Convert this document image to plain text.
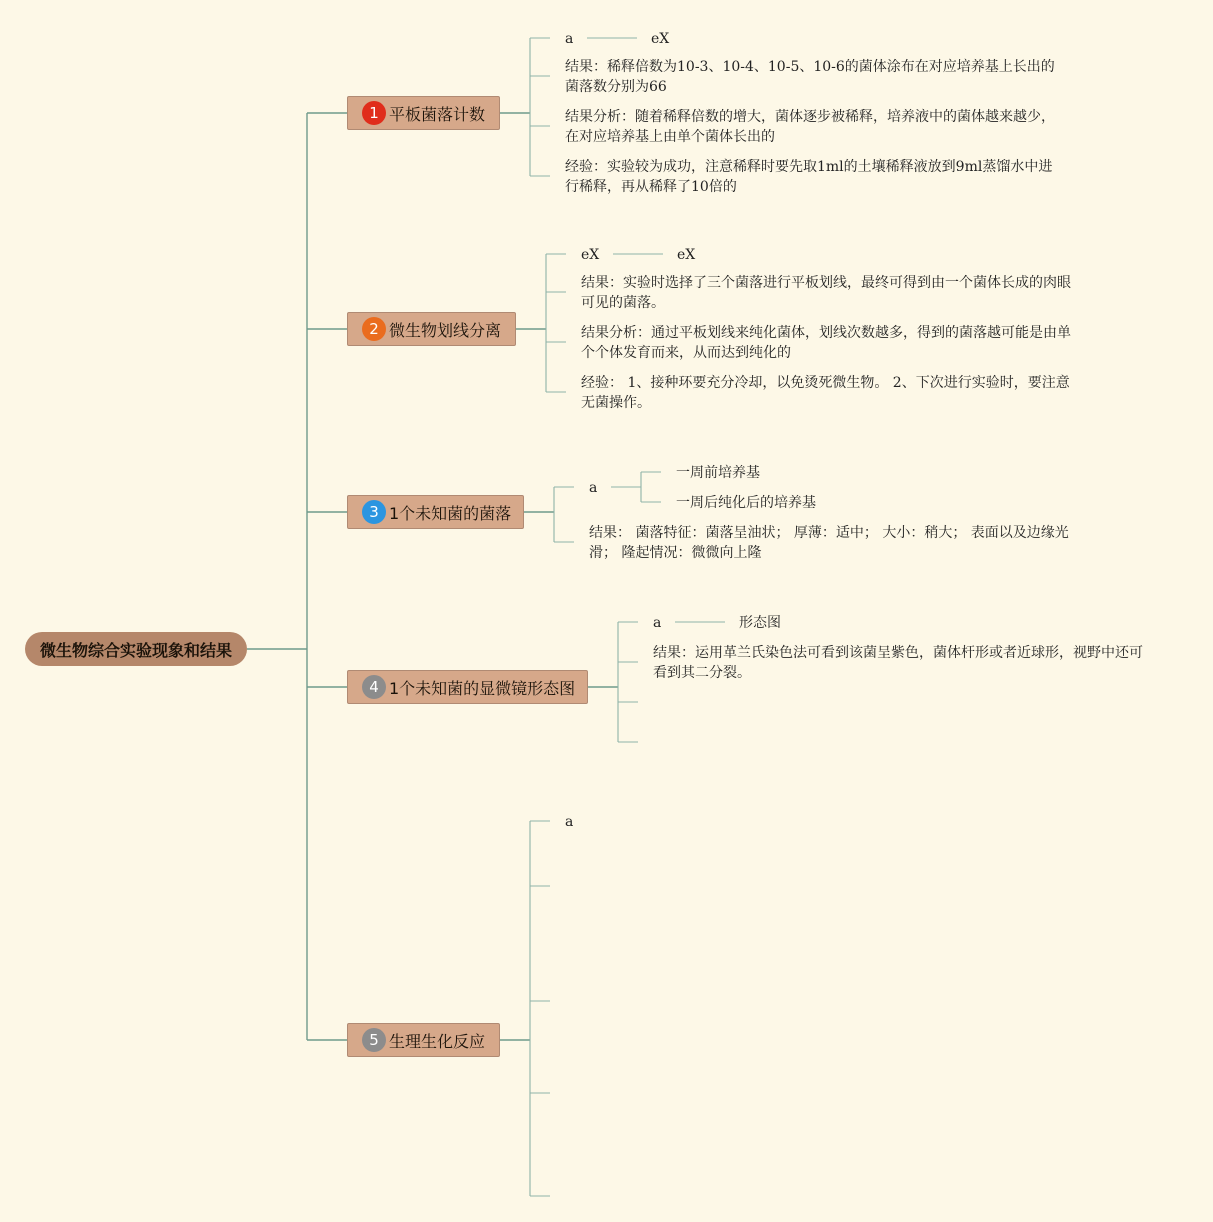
微生物综合实验现象和结果
1 平板菌落计数
a	eX
结果：稀释倍数为10-3、10-4、10-5、10-6的菌体涂布在对应培养基上长出的菌落数分别为66
结果分析：随着稀释倍数的增大，菌体逐步被稀释，培养液中的菌体越来越少，在对应培养基上由单个菌体长出的
经验：实验较为成功，注意稀释时要先取1ml的土壤稀释液放到9ml蒸馏水中进行稀释，再从稀释了10倍的
2 微生物划线分离
eX	eX
结果：实验时选择了三个菌落进行平板划线，最终可得到由一个菌体长成的肉眼可见的菌落。
结果分析：通过平板划线来纯化菌体，划线次数越多，得到的菌落越可能是由单个个体发育而来，从而达到纯化的
经验： 1、接种环要充分冷却，以免烫死微生物。 2、下次进行实验时，要注意无菌操作。
3 1个未知菌的菌落
a
一周前培养基
一周后纯化后的培养基
结果： 菌落特征：菌落呈油状； 厚薄：适中； 大小：稍大； 表面以及边缘光滑； 隆起情况：微微向上隆
4 1个未知菌的显微镜形态图
a	形态图
结果：运用革兰氏染色法可看到该菌呈紫色，菌体杆形或者近球形，视野中还可看到其二分裂。
5 生理生化反应
a
